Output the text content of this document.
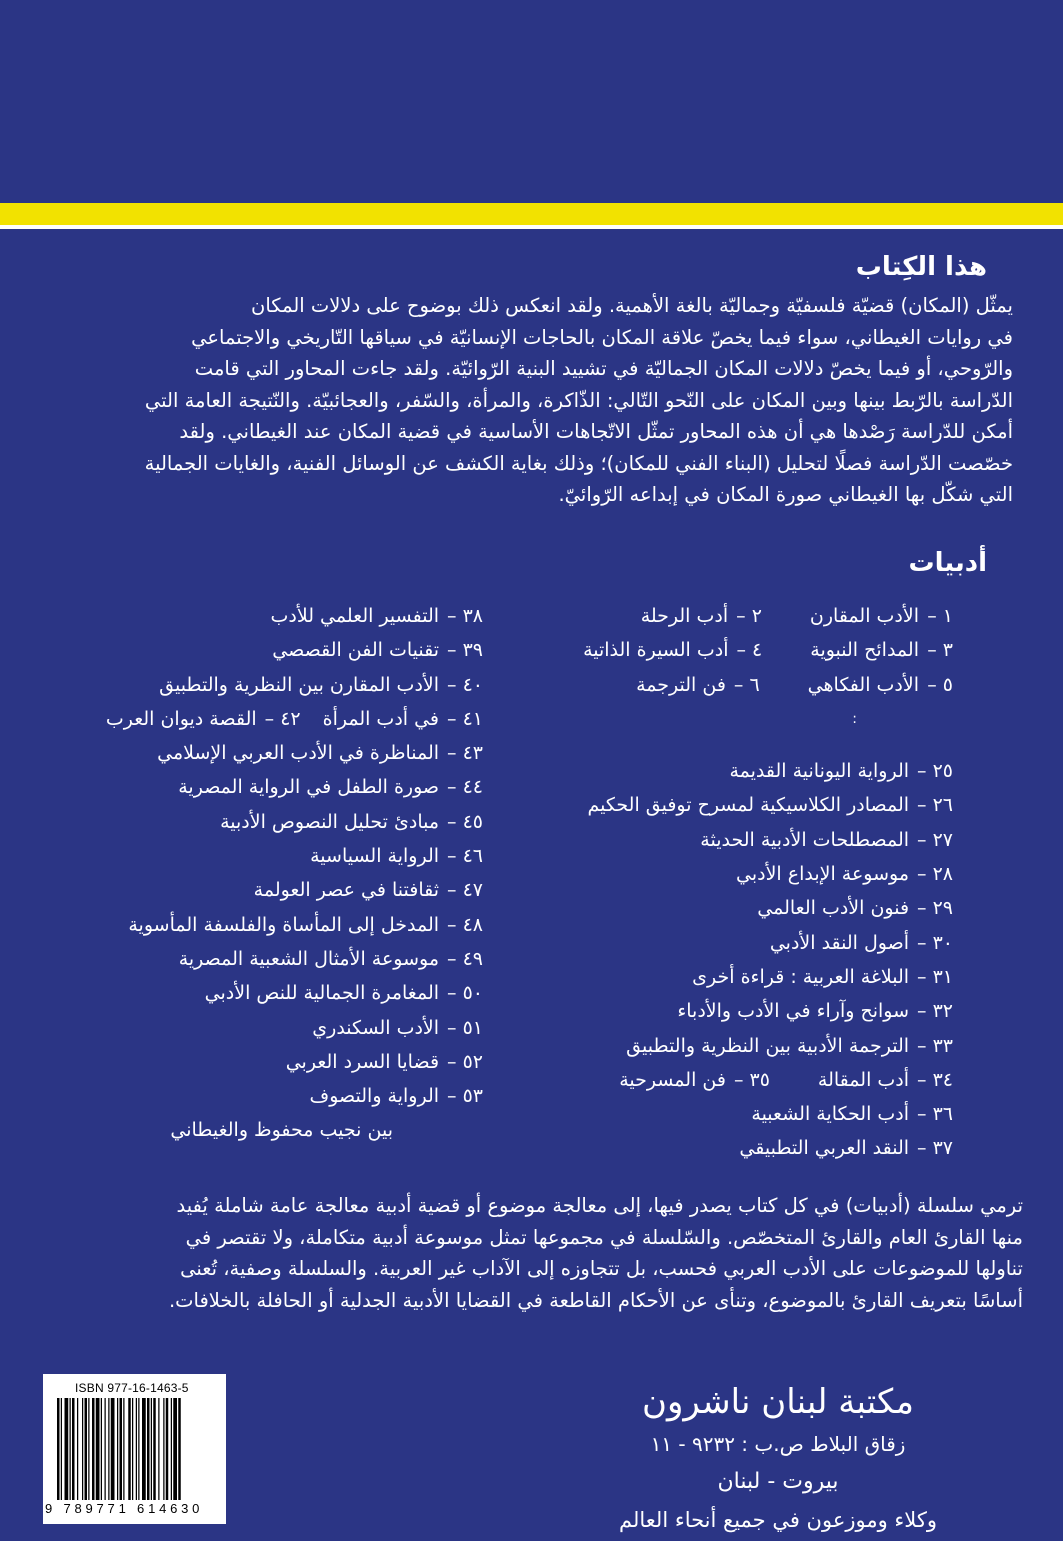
هذا الكِتاب

يمثّل (المكان) قضيّة فلسفيّة وجماليّة بالغة الأهمية. ولقد انعكس ذلك بوضوح على دلالات المكان

في روايات الغيطاني، سواء فيما يخصّ علاقة المكان بالحاجات الإنسانيّة في سياقها التّاريخي والاجتماعي

والرّوحي، أو فيما يخصّ دلالات المكان الجماليّة في تشييد البنية الرّوائيّة. ولقد جاءت المحاور التي قامت

الدّراسة بالرّبط بينها وبين المكان على النّحو التّالي: الذّاكرة، والمرأة، والسّفر، والعجائبيّة. والنّتيجة العامة التي

أمكن للدّراسة رَصْدها هي أن هذه المحاور تمثّل الاتّجاهات الأساسية في قضية المكان عند الغيطاني. ولقد

خصّصت الدّراسة فصلًا لتحليل (البناء الفني للمكان)؛ وذلك بغاية الكشف عن الوسائل الفنية، والغايات الجمالية

التي شكّل بها الغيطاني صورة المكان في إبداعه الرّوائيّ.

أدبيات
١ –الأدب المقارن٢ –أدب الرحلة
٣ –المدائح النبوية٤ –أدب السيرة الذاتية
٥ –الأدب الفكاهي٦ –فن الترجمة
:
٢٥ –الرواية اليونانية القديمة
٢٦ –المصادر الكلاسيكية لمسرح توفيق الحكيم
٢٧ –المصطلحات الأدبية الحديثة
٢٨ –موسوعة الإبداع الأدبي
٢٩ –فنون الأدب العالمي
٣٠ –أصول النقد الأدبي
٣١ –البلاغة العربية : قراءة أخرى
٣٢ –سوانح وآراء في الأدب والأدباء
٣٣ –الترجمة الأدبية بين النظرية والتطبيق
٣٤ –أدب المقالة٣٥ –فن المسرحية
٣٦ –أدب الحكاية الشعبية
٣٧ –النقد العربي التطبيقي
٣٨ –التفسير العلمي للأدب
٣٩ –تقنيات الفن القصصي
٤٠ –الأدب المقارن بين النظرية والتطبيق
٤١ –في أدب المرأة٤٢ –القصة ديوان العرب
٤٣ –المناظرة في الأدب العربي الإسلامي
٤٤ –صورة الطفل في الرواية المصرية
٤٥ –مبادئ تحليل النصوص الأدبية
٤٦ –الرواية السياسية
٤٧ –ثقافتنا في عصر العولمة
٤٨ –المدخل إلى المأساة والفلسفة المأسوية
٤٩ –موسوعة الأمثال الشعبية المصرية
٥٠ –المغامرة الجمالية للنص الأدبي
٥١ –الأدب السكندري
٥٢ –قضايا السرد العربي
٥٣ –الرواية والتصوف
بين نجيب محفوظ والغيطاني

ترمي سلسلة (أدبيات) في كل كتاب يصدر فيها، إلى معالجة موضوع أو قضية أدبية معالجة عامة شاملة يُفيد

منها القارئ العام والقارئ المتخصّص. والسّلسلة في مجموعها تمثل موسوعة أدبية متكاملة، ولا تقتصر في

تناولها للموضوعات على الأدب العربي فحسب، بل تتجاوزه إلى الآداب غير العربية. والسلسلة وصفية، تُعنى

أساسًا بتعريف القارئ بالموضوع، وتنأى عن الأحكام القاطعة في القضايا الأدبية الجدلية أو الحافلة بالخلافات.

ISBN 977-16-1463-5
9 789771 614630
مكتبة لبنان ناشرون
زقاق البلاط ص.ب : ٩٢٣٢ - ١١
بيروت - لبنان
وكلاء وموزعون في جميع أنحاء العالم
